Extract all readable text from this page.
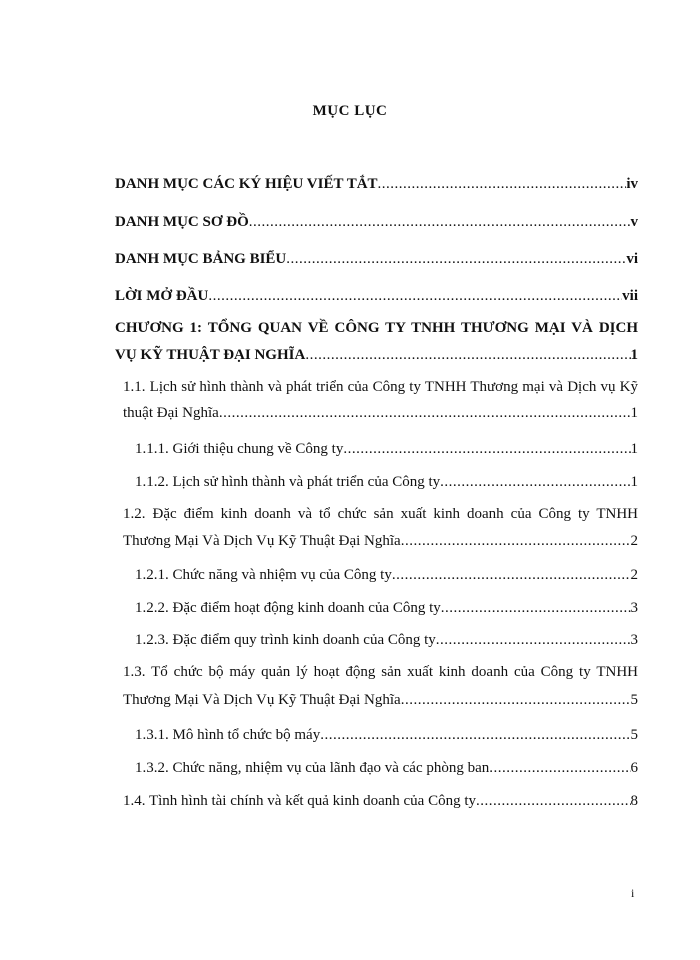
MỤC LỤC
DANH MỤC CÁC KÝ HIỆU VIẾT TẮT .....	iv
DANH MỤC SƠ ĐỒ .....	v
DANH MỤC BẢNG BIỂU .....	vi
LỜI MỞ ĐẦU .....	vii
CHƯƠNG 1: TỔNG QUAN VỀ CÔNG TY TNHH THƯƠNG MẠI VÀ DỊCH
VỤ KỸ THUẬT ĐẠI NGHĨA .....	1
1.1. Lịch sử hình thành và phát triển của Công ty TNHH Thương mại và Dịch vụ Kỹ
thuật Đại Nghĩa .....	1
1.1.1. Giới thiệu chung về Công ty .....	1
1.1.2. Lịch sử hình thành và phát triển của Công ty .....	1
1.2. Đặc điểm kinh doanh và tổ chức sản xuất kinh doanh của Công ty TNHH
Thương Mại Và Dịch Vụ Kỹ Thuật Đại Nghĩa .....	2
1.2.1. Chức năng và nhiệm vụ của Công ty .....	2
1.2.2. Đặc điểm hoạt động kinh doanh của Công ty .....	3
1.2.3. Đặc điểm quy trình kinh doanh của Công ty .....	3
1.3. Tổ chức bộ máy quản lý hoạt động sản xuất kinh doanh của Công ty TNHH
Thương Mại Và Dịch Vụ Kỹ Thuật Đại Nghĩa .....	5
1.3.1. Mô hình tổ chức bộ máy .....	5
1.3.2. Chức năng, nhiệm vụ của lãnh đạo và các phòng ban .....	6
1.4. Tình hình tài chính và kết quả kinh doanh của Công ty .....	8
i
